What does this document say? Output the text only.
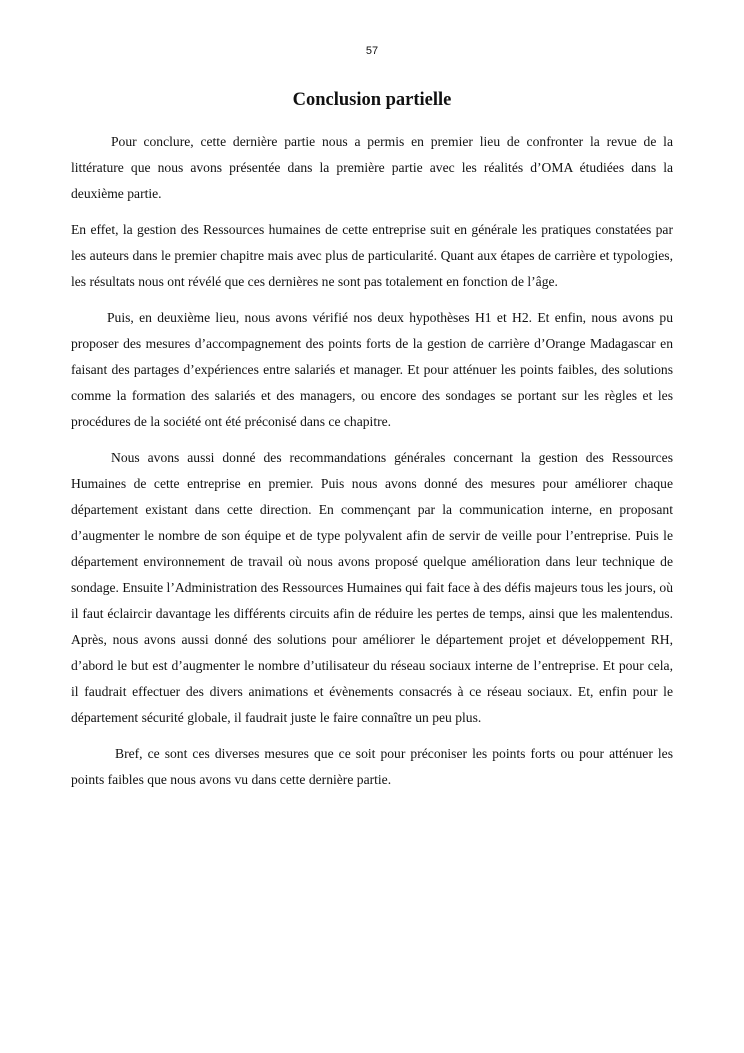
57
Conclusion partielle

Pour conclure, cette dernière partie nous a permis en premier lieu de confronter la revue de la littérature que nous avons présentée dans la première partie avec les réalités d’OMA étudiées dans la deuxième partie.

En effet, la gestion des Ressources humaines de cette entreprise suit en générale les pratiques constatées par les auteurs dans le premier chapitre mais avec plus de particularité. Quant aux étapes de carrière et typologies, les résultats nous ont révélé que ces dernières ne sont pas totalement en fonction de l’âge.

Puis, en deuxième lieu, nous avons vérifié nos deux hypothèses H1 et H2. Et enfin, nous avons pu proposer des mesures d’accompagnement des points forts de la gestion de carrière d’Orange Madagascar en faisant des partages d’expériences entre salariés et manager. Et pour atténuer les points faibles, des solutions comme la formation des salariés et des managers, ou encore des sondages se portant sur les règles et les procédures de la société ont été préconisé dans ce chapitre.

Nous avons aussi donné des recommandations générales concernant la gestion des Ressources Humaines de cette entreprise en premier. Puis nous avons donné des mesures pour améliorer chaque département existant dans cette direction. En commençant par la communication interne, en proposant d’augmenter le nombre de son équipe et de type polyvalent afin de servir de veille pour l’entreprise. Puis le département environnement de travail où nous avons proposé quelque amélioration dans leur technique de sondage. Ensuite l’Administration des Ressources Humaines qui fait face à des défis majeurs tous les jours, où il faut éclaircir davantage les différents circuits afin de réduire les pertes de temps, ainsi que les malentendus. Après, nous avons aussi donné des solutions pour améliorer le département projet et développement RH, d’abord le but est d’augmenter le nombre d’utilisateur du réseau sociaux interne de l’entreprise. Et pour cela, il faudrait effectuer des divers animations et évènements consacrés à ce réseau sociaux. Et, enfin pour le département sécurité globale, il faudrait juste le faire connaître un peu plus.

Bref, ce sont ces diverses mesures que ce soit pour préconiser les points forts ou pour atténuer les points faibles que nous avons vu dans cette dernière partie.
